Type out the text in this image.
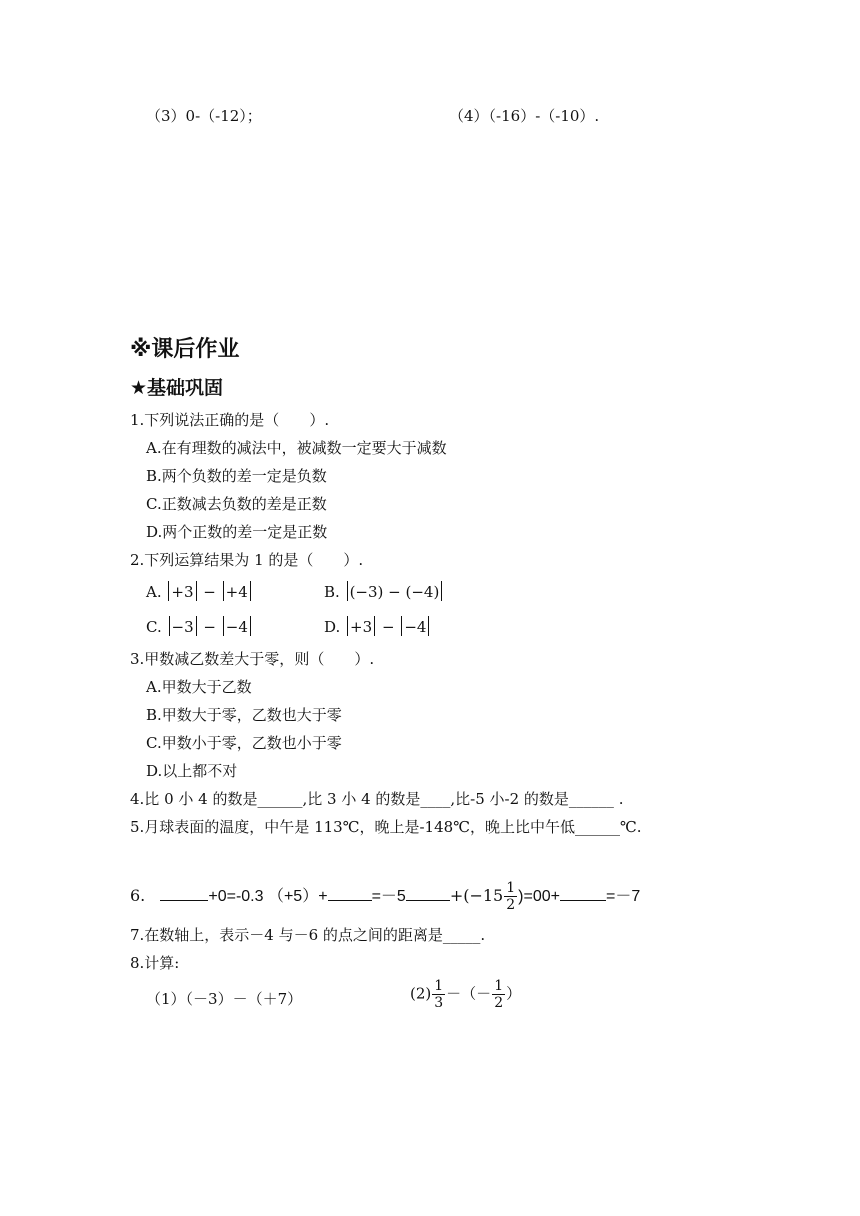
（3）0-（-12）；	（4）（-16）-（-10）.
※课后作业
★基础巩固
1.下列说法正确的是（　　）.
A.在有理数的减法中，被减数一定要大于减数
B.两个负数的差一定是负数
C.正数减去负数的差是正数
D.两个正数的差一定是正数
2.下列运算结果为 1 的是（　　）.
A. +3 − +4	B. (−3) − (−4)
C. −3 − −4	D. +3 − −4
3.甲数减乙数差大于零，则（　　）.
A.甲数大于乙数
B.甲数大于零，乙数也大于零
C.甲数小于零，乙数也小于零
D.以上都不对
4.比 0 小 4 的数是______,比 3 小 4 的数是____,比-5 小-2 的数是______ .
5.月球表面的温度，中午是 113℃，晚上是-148℃，晚上比中午低______℃.
6.	+0=-0.3 （+5）+	=－5	$+(-15 \frac{1}{2} )=00+$	=－7
7.在数轴上，表示－4 与－6 的点之间的距离是_____.
8.计算:
（1）（－3）－（＋7）	$(2) \frac{1}{3}$ －（－ $\frac{1}{2}$ ）
